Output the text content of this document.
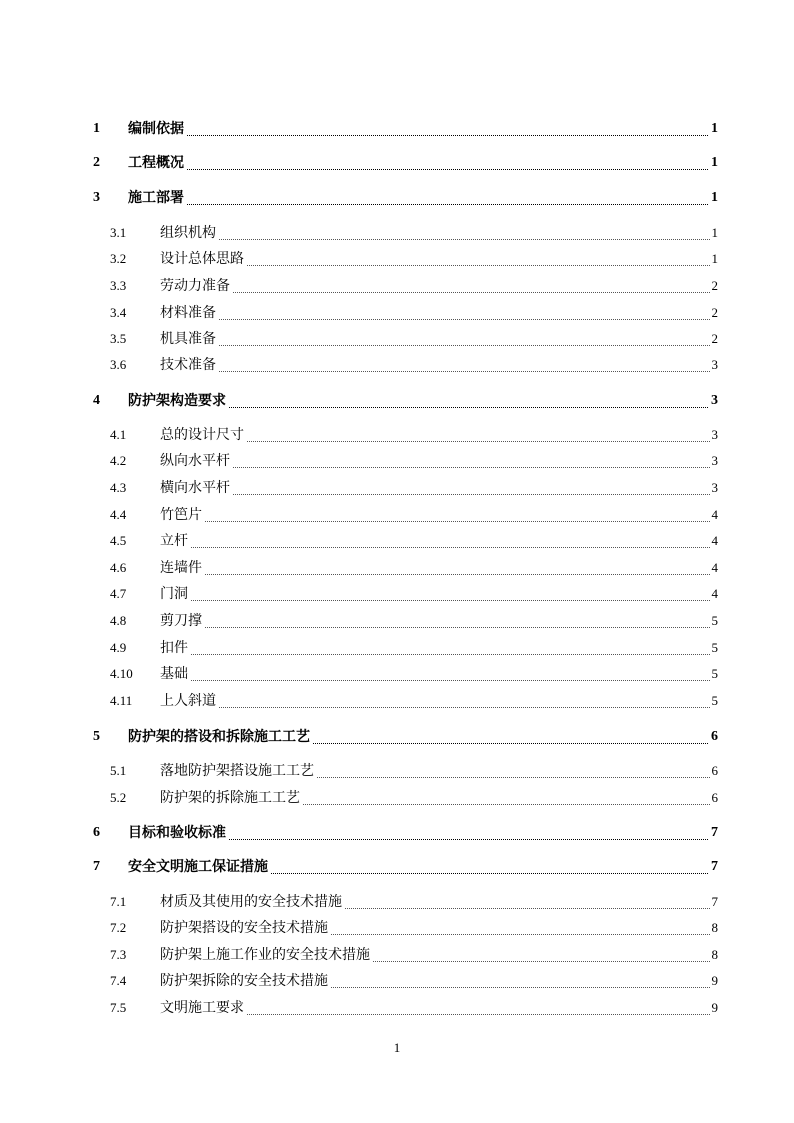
1 编制依据	1
2 工程概况	1
3 施工部署	1
3.1 组织机构	1
3.2 设计总体思路	1
3.3 劳动力准备	2
3.4 材料准备	2
3.5 机具准备	2
3.6 技术准备	3
4 防护架构造要求	3
4.1 总的设计尺寸	3
4.2 纵向水平杆	3
4.3 横向水平杆	3
4.4 竹笆片	4
4.5 立杆	4
4.6 连墙件	4
4.7 门洞	4
4.8 剪刀撑	5
4.9 扣件	5
4.10 基础	5
4.11 上人斜道	5
5 防护架的搭设和拆除施工工艺	6
5.1 落地防护架搭设施工工艺	6
5.2 防护架的拆除施工工艺	6
6 目标和验收标准	7
7 安全文明施工保证措施	7
7.1 材质及其使用的安全技术措施	7
7.2 防护架搭设的安全技术措施	8
7.3 防护架上施工作业的安全技术措施	8
7.4 防护架拆除的安全技术措施	9
7.5 文明施工要求	9
1
